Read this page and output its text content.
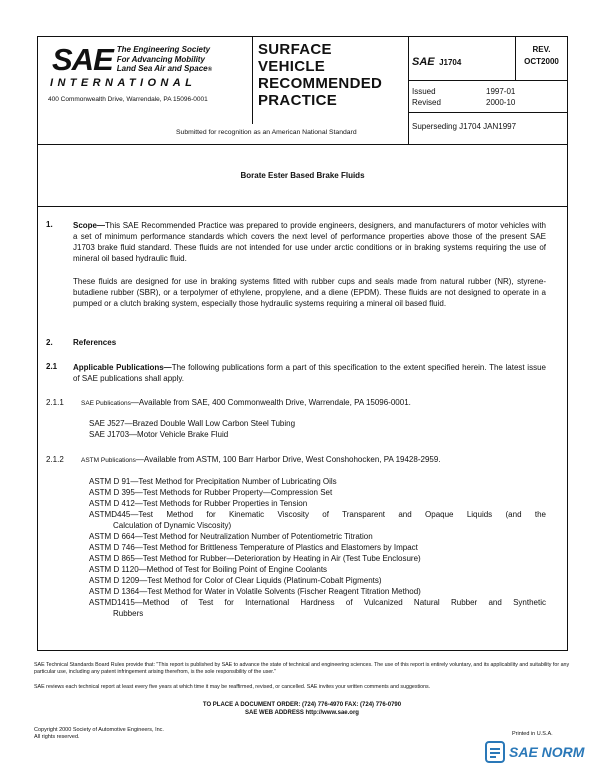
SAE The Engineering Society
For Advancing Mobility
Land Sea Air and Space®
INTERNATIONAL
400 Commonwealth Drive, Warrendale, PA 15096-0001
SURFACE
VEHICLE
RECOMMENDED
PRACTICE
Submitted for recognition as an American National Standard
SAE J1704
REV.
OCT2000
Issued	1997-01
Revised	2000-10
Superseding J1704 JAN1997
Borate Ester Based Brake Fluids
1.	Scope—This SAE Recommended Practice was prepared to provide engineers, designers, and manufacturers of motor vehicles with a set of minimum performance standards which covers the next level of performance properties above those of the present SAE J1703 brake fluid standard. These fluids are not intended for use under arctic conditions or in braking systems requiring the use of mineral oil based hydraulic fluid.
These fluids are designed for use in braking systems fitted with rubber cups and seals made from natural rubber (NR), styrene-butadiene rubber (SBR), or a terpolymer of ethylene, propylene, and a diene (EPDM). These fluids are not designed to operate in a pumped or a clutch braking system, especially those hydraulic systems requiring a mineral oil based fluid.
2.	References
2.1 Applicable Publications—The following publications form a part of this specification to the extent specified herein. The latest issue of SAE publications shall apply.
2.1.1	SAE Publications—Available from SAE, 400 Commonwealth Drive, Warrendale, PA 15096-0001.
SAE J527—Brazed Double Wall Low Carbon Steel Tubing
SAE J1703—Motor Vehicle Brake Fluid
2.1.2	ASTM Publications—Available from ASTM, 100 Barr Harbor Drive, West Conshohocken, PA 19428-2959.
ASTM D 91—Test Method for Precipitation Number of Lubricating Oils
ASTM D 395—Test Methods for Rubber Property—Compression Set
ASTM D 412—Test Methods for Rubber Properties in Tension
ASTMD445—Test Method for Kinematic Viscosity of Transparent and Opaque Liquids (and the
Calculation of Dynamic Viscosity)
ASTM D 664—Test Method for Neutralization Number of Potentiometric Titration
ASTM D 746—Test Method for Brittleness Temperature of Plastics and Elastomers by Impact
ASTM D 865—Test Method for Rubber—Deterioration by Heating in Air (Test Tube Enclosure)
ASTM D 1120—Method of Test for Boiling Point of Engine Coolants
ASTM D 1209—Test Method for Color of Clear Liquids (Platinum-Cobalt Pigments)
ASTM D 1364—Test Method for Water in Volatile Solvents (Fischer Reagent Titration Method)
ASTMD1415—Method of Test for International Hardness of Vulcanized Natural Rubber and Synthetic
Rubbers
SAE Technical Standards Board Rules provide that: "This report is published by SAE to advance the state of technical and engineering sciences. The use of this report is entirely voluntary, and its applicability and suitability for any particular use, including any patent infringement arising therefrom, is the sole responsibility of the user."
SAE reviews each technical report at least every five years at which time it may be reaffirmed, revised, or cancelled. SAE invites your written comments and suggestions.
TO PLACE A DOCUMENT ORDER: (724) 776-4970 FAX: (724) 776-0790
SAE WEB ADDRESS http://www.sae.org
Copyright 2000 Society of Automotive Engineers, Inc.
All rights reserved.	Printed in U.S.A.
SAE NORM
